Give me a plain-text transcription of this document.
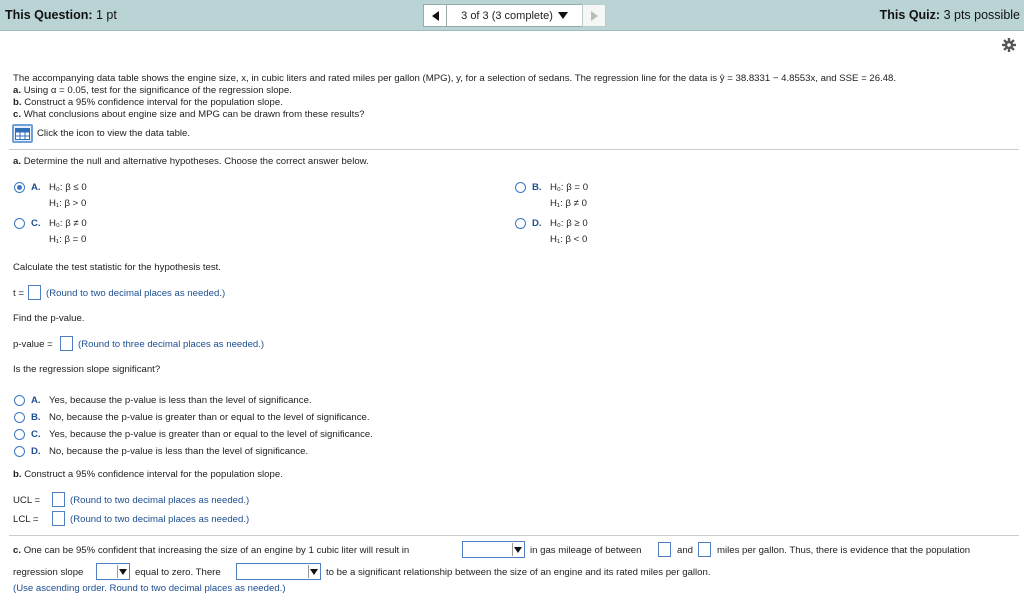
This Question: 1 pt	3 of 3 (3 complete)	This Quiz: 3 pts possible
The accompanying data table shows the engine size, x, in cubic liters and rated miles per gallon (MPG), y, for a selection of sedans. The regression line for the data is ŷ = 38.8331 − 4.8553x, and SSE = 26.48.
a. Using α = 0.05, test for the significance of the regression slope.
b. Construct a 95% confidence interval for the population slope.
c. What conclusions about engine size and MPG can be drawn from these results?
Click the icon to view the data table.
a. Determine the null and alternative hypotheses. Choose the correct answer below.
A. H₀: β ≤ 0
H₁: β > 0
B. H₀: β = 0
H₁: β ≠ 0
C. H₀: β ≠ 0
H₁: β = 0
D. H₀: β ≥ 0
H₁: β < 0
Calculate the test statistic for the hypothesis test.
t = (Round to two decimal places as needed.)
Find the p-value.
p-value =	(Round to three decimal places as needed.)
Is the regression slope significant?
A. Yes, because the p-value is less than the level of significance.
B. No, because the p-value is greater than or equal to the level of significance.
C. Yes, because the p-value is greater than or equal to the level of significance.
D. No, because the p-value is less than the level of significance.
b. Construct a 95% confidence interval for the population slope.
UCL =	(Round to two decimal places as needed.)
LCL =	(Round to two decimal places as needed.)
c. One can be 95% confident that increasing the size of an engine by 1 cubic liter will result in	in gas mileage of between	and miles per gallon. Thus, there is evidence that the population
regression slope	equal to zero. There	to be a significant relationship between the size of an engine and its rated miles per gallon.
(Use ascending order. Round to two decimal places as needed.)
